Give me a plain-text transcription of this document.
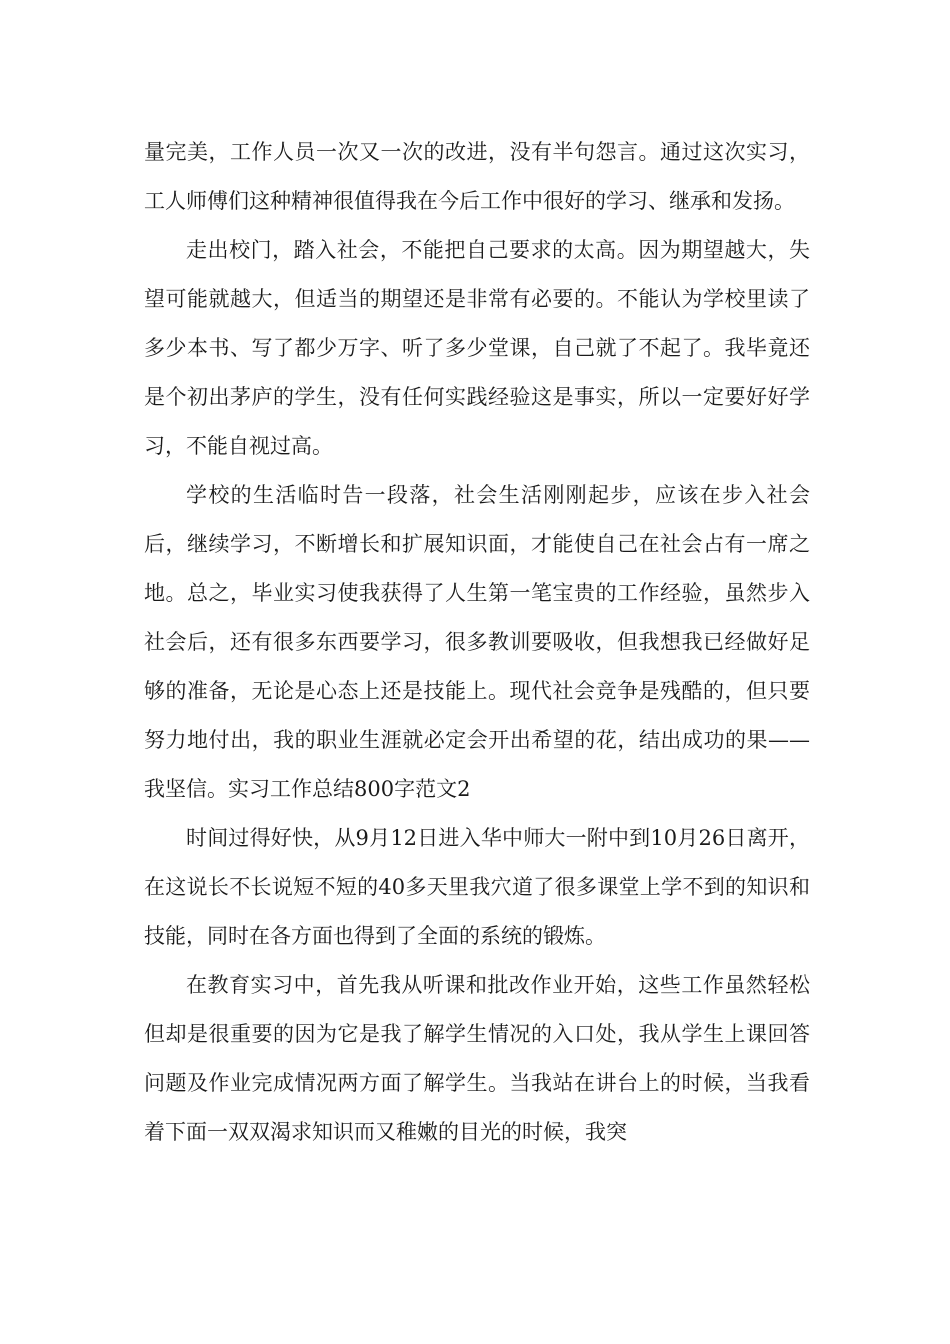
量完美，工作人员一次又一次的改进，没有半句怨言。通过这次实习，工人师傅们这种精神很值得我在今后工作中很好的学习、继承和发扬。

走出校门，踏入社会，不能把自己要求的太高。因为期望越大，失望可能就越大，但适当的期望还是非常有必要的。不能认为学校里读了多少本书、写了都少万字、听了多少堂课，自己就了不起了。我毕竟还是个初出茅庐的学生，没有任何实践经验这是事实，所以一定要好好学习，不能自视过高。

学校的生活临时告一段落，社会生活刚刚起步，应该在步入社会后，继续学习，不断增长和扩展知识面，才能使自己在社会占有一席之地。总之，毕业实习使我获得了人生第一笔宝贵的工作经验，虽然步入社会后，还有很多东西要学习，很多教训要吸收，但我想我已经做好足够的准备，无论是心态上还是技能上。现代社会竞争是残酷的，但只要努力地付出，我的职业生涯就必定会开出希望的花，结出成功的果——我坚信。实习工作总结800字范文2

时间过得好快，从9月12日进入华中师大一附中到10月26日离开，在这说长不长说短不短的40多天里我穴道了很多课堂上学不到的知识和技能，同时在各方面也得到了全面的系统的锻炼。

在教育实习中，首先我从听课和批改作业开始，这些工作虽然轻松但却是很重要的因为它是我了解学生情况的入口处，我从学生上课回答问题及作业完成情况两方面了解学生。当我站在讲台上的时候，当我看着下面一双双渴求知识而又稚嫩的目光的时候，我突
